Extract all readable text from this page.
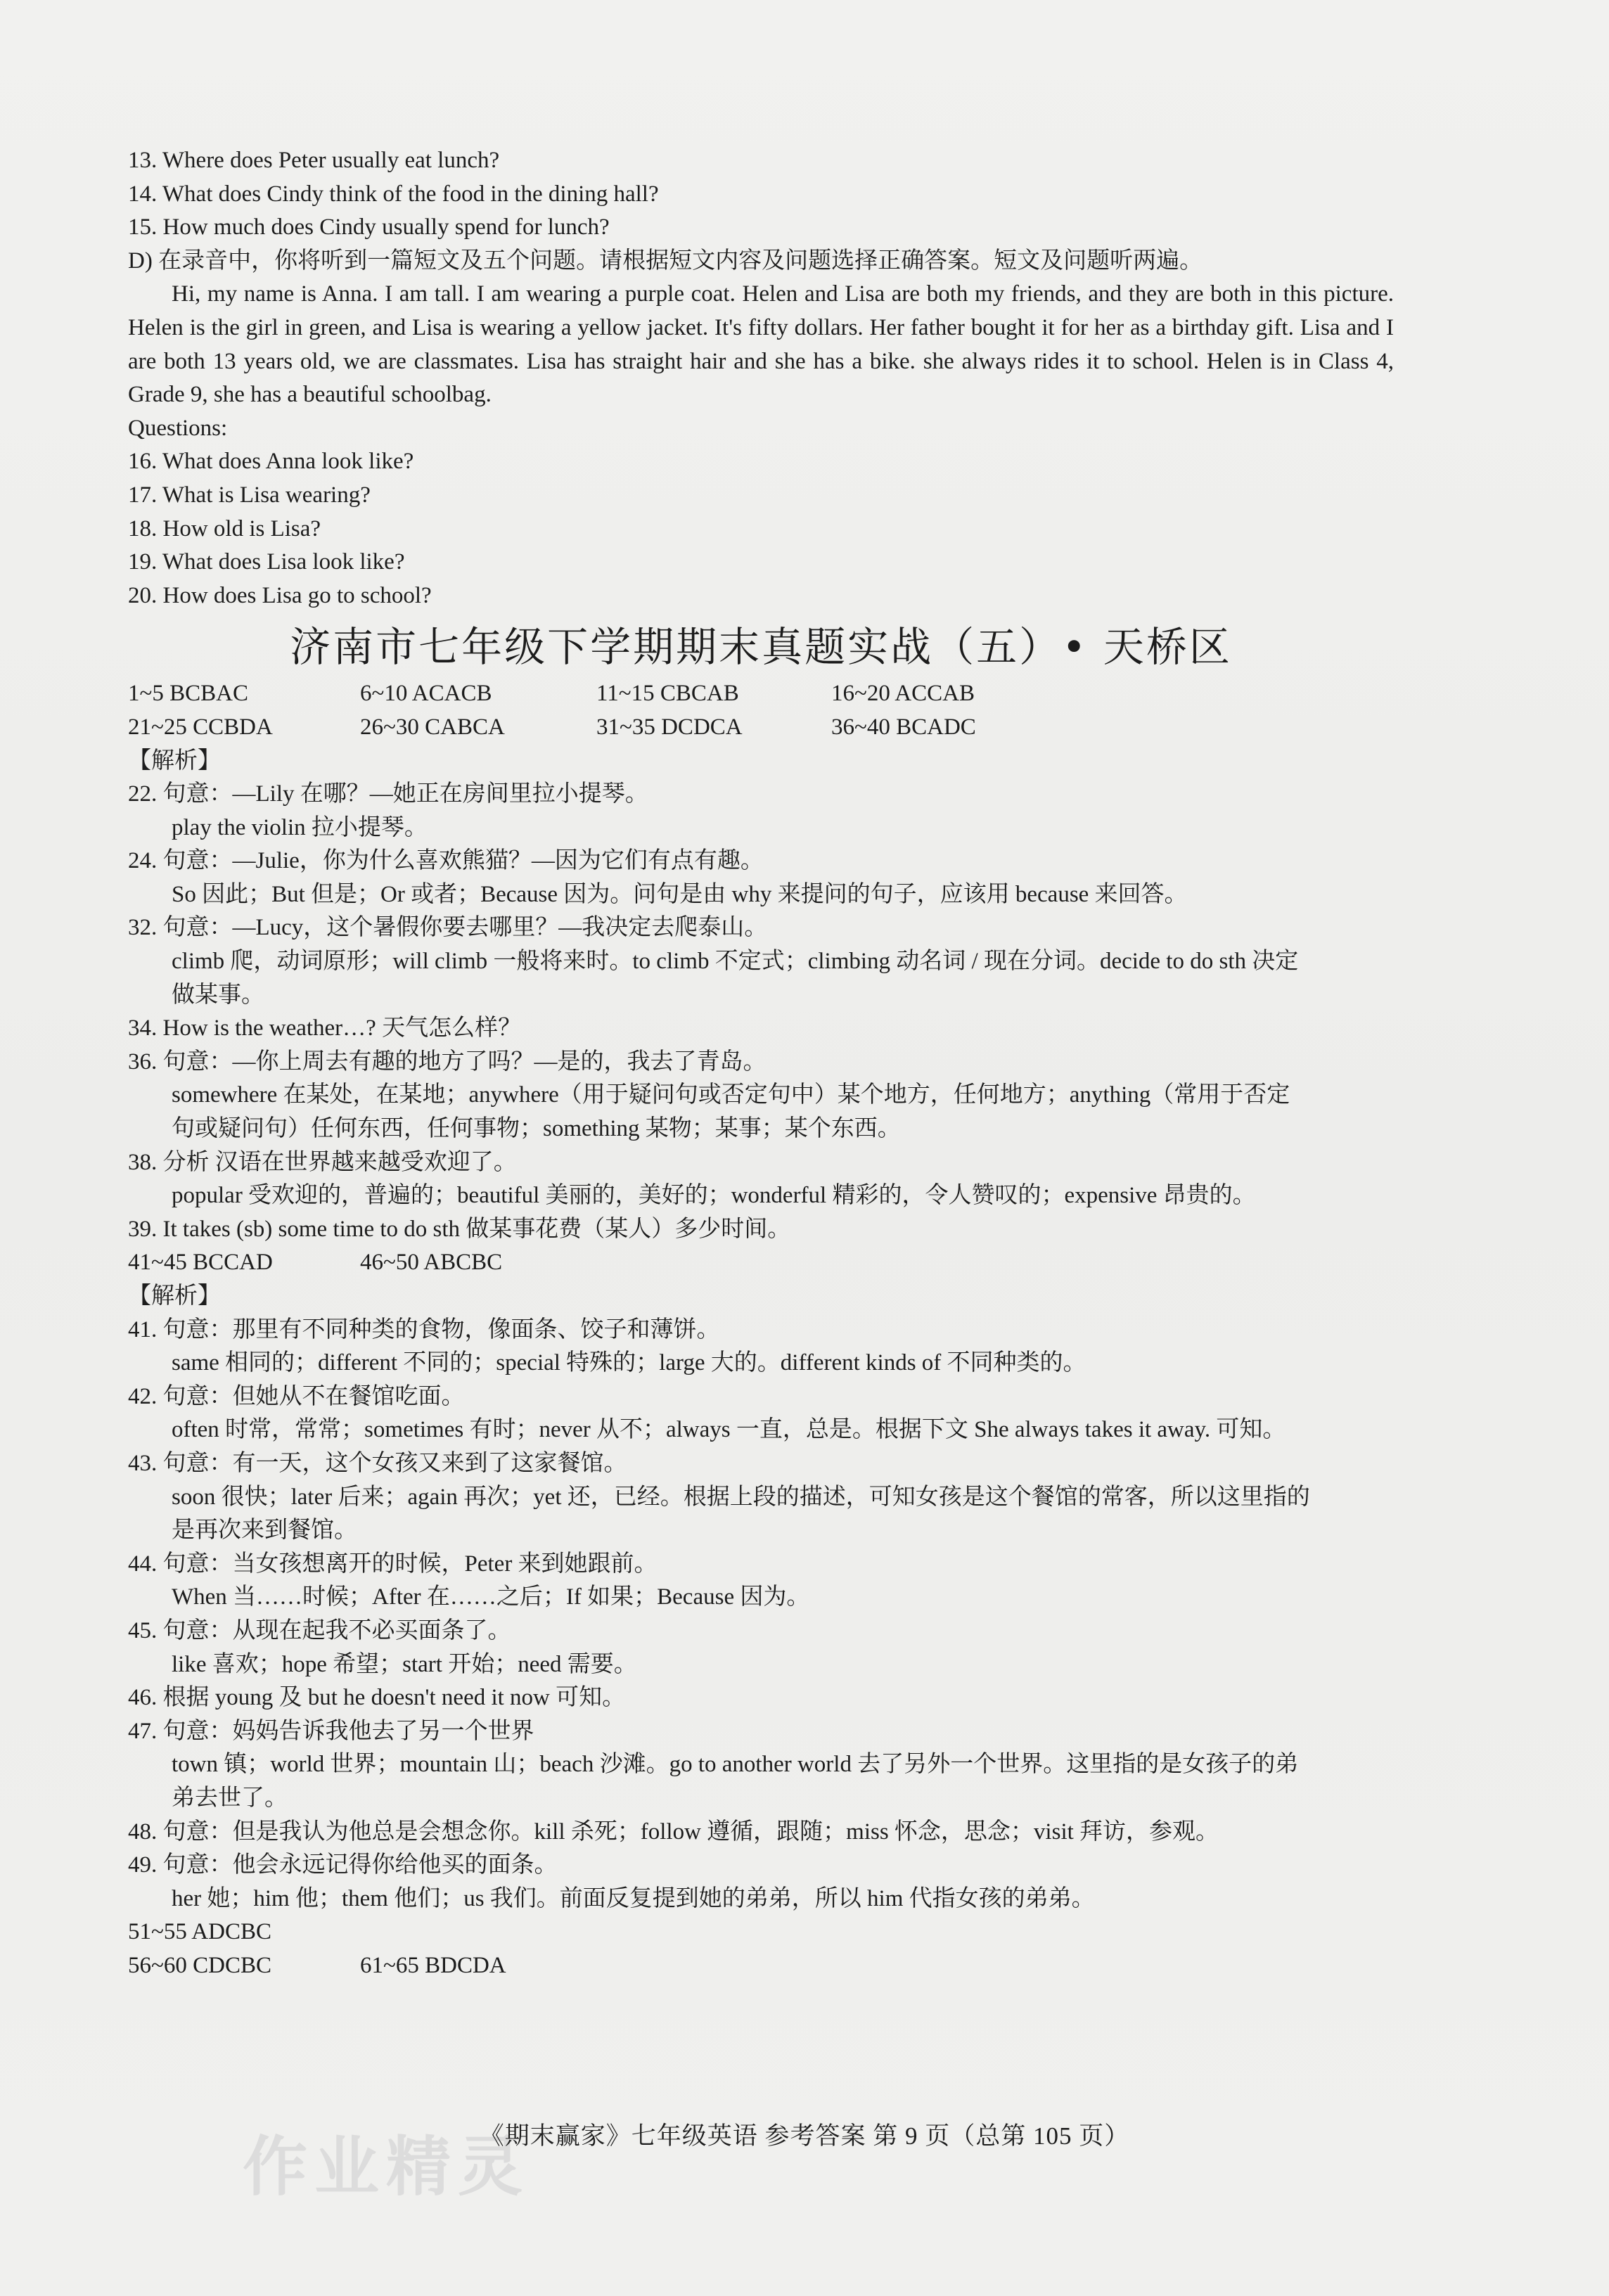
13. Where does Peter usually eat lunch?
14. What does Cindy think of the food in the dining hall?
15. How much does Cindy usually spend for lunch?
D) 在录音中，你将听到一篇短文及五个问题。请根据短文内容及问题选择正确答案。短文及问题听两遍。
Hi, my name is Anna. I am tall. I am wearing a purple coat. Helen and Lisa are both my friends, and they are both in this picture. Helen is the girl in green, and Lisa is wearing a yellow jacket. It's fifty dollars. Her father bought it for her as a birthday gift. Lisa and I are both 13 years old, we are classmates. Lisa has straight hair and she has a bike. she always rides it to school. Helen is in Class 4, Grade 9, she has a beautiful schoolbag.
Questions:
16. What does Anna look like?
17. What is Lisa wearing?
18. How old is Lisa?
19. What does Lisa look like?
20. How does Lisa go to school?
济南市七年级下学期期末真题实战（五）• 天桥区
1~5 BCBAC	6~10 ACACB	11~15 CBCAB	16~20 ACCAB
21~25 CCBDA	26~30 CABCA	31~35 DCDCA	36~40 BCADC
【解析】
22. 句意：—Lily 在哪？—她正在房间里拉小提琴。
play the violin 拉小提琴。
24. 句意：—Julie，你为什么喜欢熊猫？—因为它们有点有趣。
So 因此；But 但是；Or 或者；Because 因为。问句是由 why 来提问的句子，应该用 because 来回答。
32. 句意：—Lucy，这个暑假你要去哪里？—我决定去爬泰山。
climb 爬，动词原形；will climb 一般将来时。to climb 不定式；climbing 动名词 / 现在分词。decide to do sth 决定
做某事。
34. How is the weather…? 天气怎么样？
36. 句意：—你上周去有趣的地方了吗？—是的，我去了青岛。
somewhere 在某处，在某地；anywhere（用于疑问句或否定句中）某个地方，任何地方；anything（常用于否定
句或疑问句）任何东西，任何事物；something 某物；某事；某个东西。
38. 分析 汉语在世界越来越受欢迎了。
popular 受欢迎的，普遍的；beautiful 美丽的，美好的；wonderful 精彩的，令人赞叹的；expensive 昂贵的。
39. It takes (sb) some time to do sth 做某事花费（某人）多少时间。
41~45 BCCAD	46~50 ABCBC
【解析】
41. 句意：那里有不同种类的食物，像面条、饺子和薄饼。
same 相同的；different 不同的；special 特殊的；large 大的。different kinds of 不同种类的。
42. 句意：但她从不在餐馆吃面。
often 时常，常常；sometimes 有时；never 从不；always 一直，总是。根据下文 She always takes it away. 可知。
43. 句意：有一天，这个女孩又来到了这家餐馆。
soon 很快；later 后来；again 再次；yet 还，已经。根据上段的描述，可知女孩是这个餐馆的常客，所以这里指的
是再次来到餐馆。
44. 句意：当女孩想离开的时候，Peter 来到她跟前。
When 当……时候；After 在……之后；If 如果；Because 因为。
45. 句意：从现在起我不必买面条了。
like 喜欢；hope 希望；start 开始；need 需要。
46. 根据 young 及 but he doesn't need it now 可知。
47. 句意：妈妈告诉我他去了另一个世界
town 镇；world 世界；mountain 山；beach 沙滩。go to another world 去了另外一个世界。这里指的是女孩子的弟
弟去世了。
48. 句意：但是我认为他总是会想念你。kill 杀死；follow 遵循，跟随；miss 怀念，思念；visit 拜访，参观。
49. 句意：他会永远记得你给他买的面条。
her 她；him 他；them 他们；us 我们。前面反复提到她的弟弟，所以 him 代指女孩的弟弟。
51~55 ADCBC
56~60 CDCBC	61~65 BDCDA
作业精灵
《期末赢家》七年级英语 参考答案 第 9 页（总第 105 页）
